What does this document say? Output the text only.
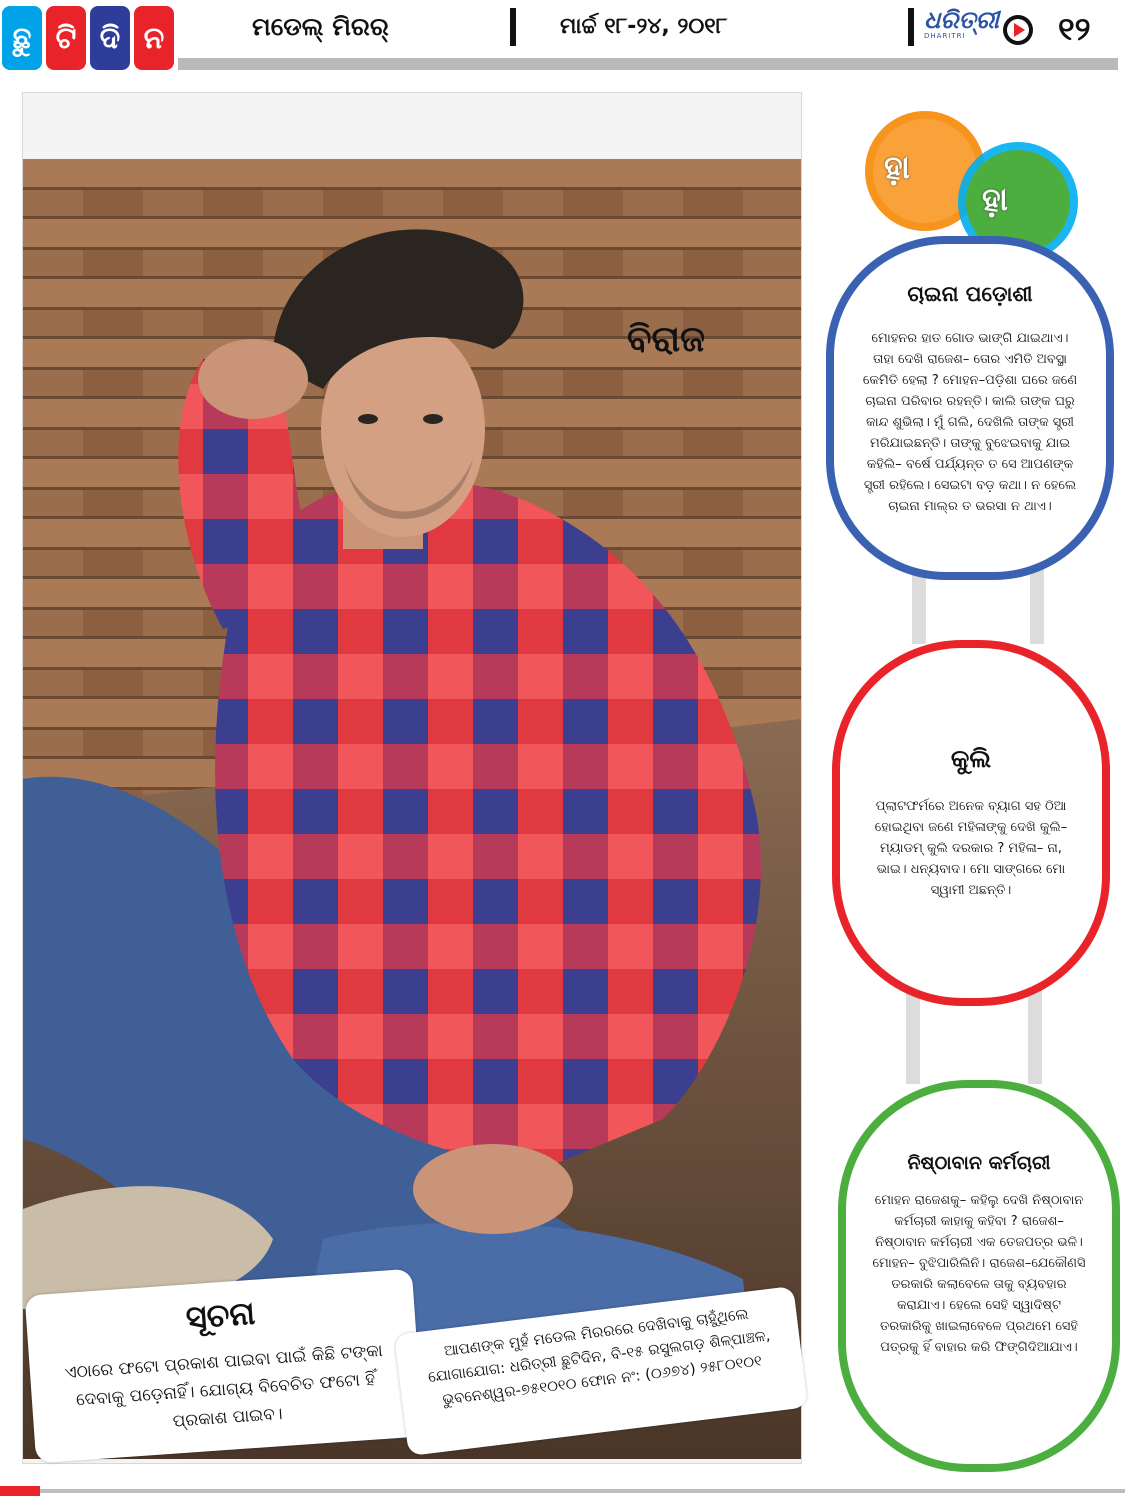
ଛୁ ଟି ଦି ନ	ମଡେଲ୍ ମିରର୍	ମାର୍ଚ୍ଚ ୧୮-୨୪, ୨୦୧୮	ଧରିତ୍ରୀ
DHARITRI	୧୨
ବିରାଜ
ସୂଚନା
ଏଠାରେ ଫଟୋ ପ୍ରକାଶ ପାଇବା ପାଇଁ କିଛି ଟଙ୍କା ଦେବାକୁ ପଡ଼େନାହିଁ। ଯୋଗ୍ୟ ବିବେଚିତ ଫଟୋ ହିଁ ପ୍ରକାଶ ପାଇବ।
ଆପଣଙ୍କ ମୁହଁ ମଡେଲ ମିରରରେ ଦେଖିବାକୁ ଚାହୁଁଥିଲେ ଯୋଗାଯୋଗ: ଧରିତ୍ରୀ ଛୁଟିଦିନ, ବି-୧୫ ରସୁଲଗଡ଼ ଶିଳ୍ପାଞ୍ଚଳ, ଭୁବନେଶ୍ୱର-୭୫୧୦୧୦ ଫୋନ ନଂ: (୦୬୭୪) ୨୫୮୦୧୦୧
ହା଼
ହା଼
ଚାଇନା ପଡ଼ୋଶୀ
ମୋହନର ହାତ ଗୋଡ ଭାଙ୍ଗି ଯାଇଥାଏ। ତାହା ଦେଖି ରାଜେଶ– ତୋର ଏମିତି ଅବସ୍ଥା କେମିତି ହେଲା ? ମୋହନ–ପଡ଼ିଶା ଘରେ ଜଣେ ଚାଇନା ପରିବାର ରହନ୍ତି। କାଲି ତାଙ୍କ ଘରୁ କାନ୍ଦ ଶୁଭିଲା। ମୁଁ ଗଲି, ଦେଖିଲି ତାଙ୍କ ସ୍ତ୍ରୀ ମରିଯାଇଛନ୍ତି। ତାଙ୍କୁ ବୁଝେଇବାକୁ ଯାଇ କହିଲି– ବର୍ଷେ ପର୍ଯ୍ୟନ୍ତ ତ ସେ ଆପଣଙ୍କ ସ୍ତ୍ରୀ ରହିଲେ। ସେଇଟା ବଡ଼ କଥା। ନ ହେଲେ ଚାଇନା ମାଲ୍‌ର ତ ଭରସା ନ ଥାଏ।
କୁଲି
ପ୍ଲାଟଫର୍ମରେ ଅନେକ ବ୍ୟାଗ ସହ ଠିଆ ହୋଇଥିବା ଜଣେ ମହିଳାଙ୍କୁ ଦେଖି କୁଲି– ମ୍ୟାଡମ୍ କୁଲି ଦରକାର ? ମହିଳା– ନା, ଭାଇ। ଧନ୍ୟବାଦ। ମୋ ସାଙ୍ଗରେ ମୋ ସ୍ୱାମୀ ଅଛନ୍ତି।
ନିଷ୍ଠାବାନ କର୍ମଚାରୀ
ମୋହନ ରାଜେଶକୁ– କହିଲୁ ଦେଖି ନିଷ୍ଠାବାନ କର୍ମଚାରୀ କାହାକୁ କହିବା ? ରାଜେଶ– ନିଷ୍ଠାବାନ କର୍ମଚାରୀ ଏକ ତେଜପତ୍ର ଭଳି। ମୋହନ– ବୁଝିପାରିଲିନି। ରାଜେଶ–ଯେକୌଣସି ତରକାରି କଲାବେଳେ ତାକୁ ବ୍ୟବହାର କରାଯାଏ। ହେଲେ ସେହି ସ୍ୱାଦିଷ୍ଟ ତରକାରିକୁ ଖାଇଲାବେଳେ ପ୍ରଥମେ ସେହି ପତ୍ରକୁ ହିଁ ବାହାର କରି ଫିଙ୍ଗିଦିଆଯାଏ।
